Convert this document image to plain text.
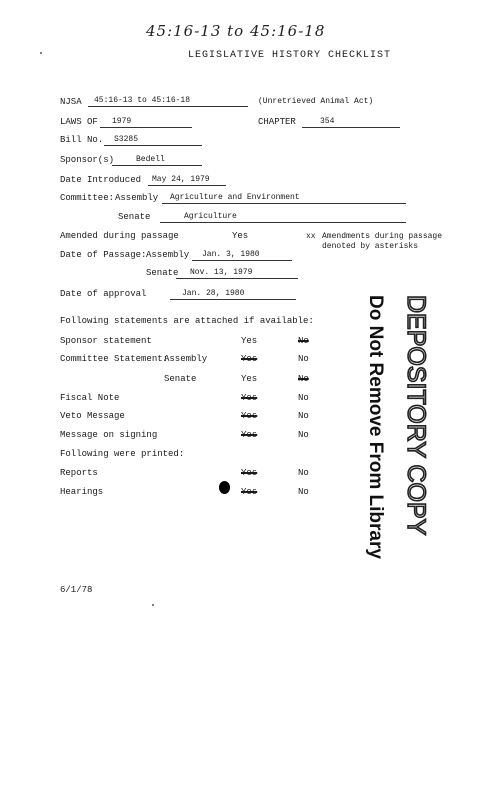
45:16-13 to 45:16-18
LEGISLATIVE HISTORY CHECKLIST
NJSA	45:16-13 to 45:16-18	(Unretrieved Animal Act)
LAWS OF	1979	CHAPTER	354
Bill No.	S3285
Sponsor(s)	Bedell
Date Introduced	May 24, 1979
Committee: Assembly	Agriculture and Environment
Senate	Agriculture
Amended during passage	Yes	xx Amendments during passage
denoted by asterisks
Date of Passage: Assembly	Jan. 3, 1980
Senate	Nov. 13, 1979
Date of approval	Jan. 28, 1980
Following statements are attached if available:
Sponsor statement	Yes	No
Committee Statement:
Assembly	Yes	No
Senate	Yes	No
Fiscal Note	Yes	No
Veto Message	Yes	No
Message on signing	Yes	No
Following were printed:
Reports	Yes	No
Hearings	Yes	No
6/1/78
DEPOSITORY COPY
Do Not Remove From Library
